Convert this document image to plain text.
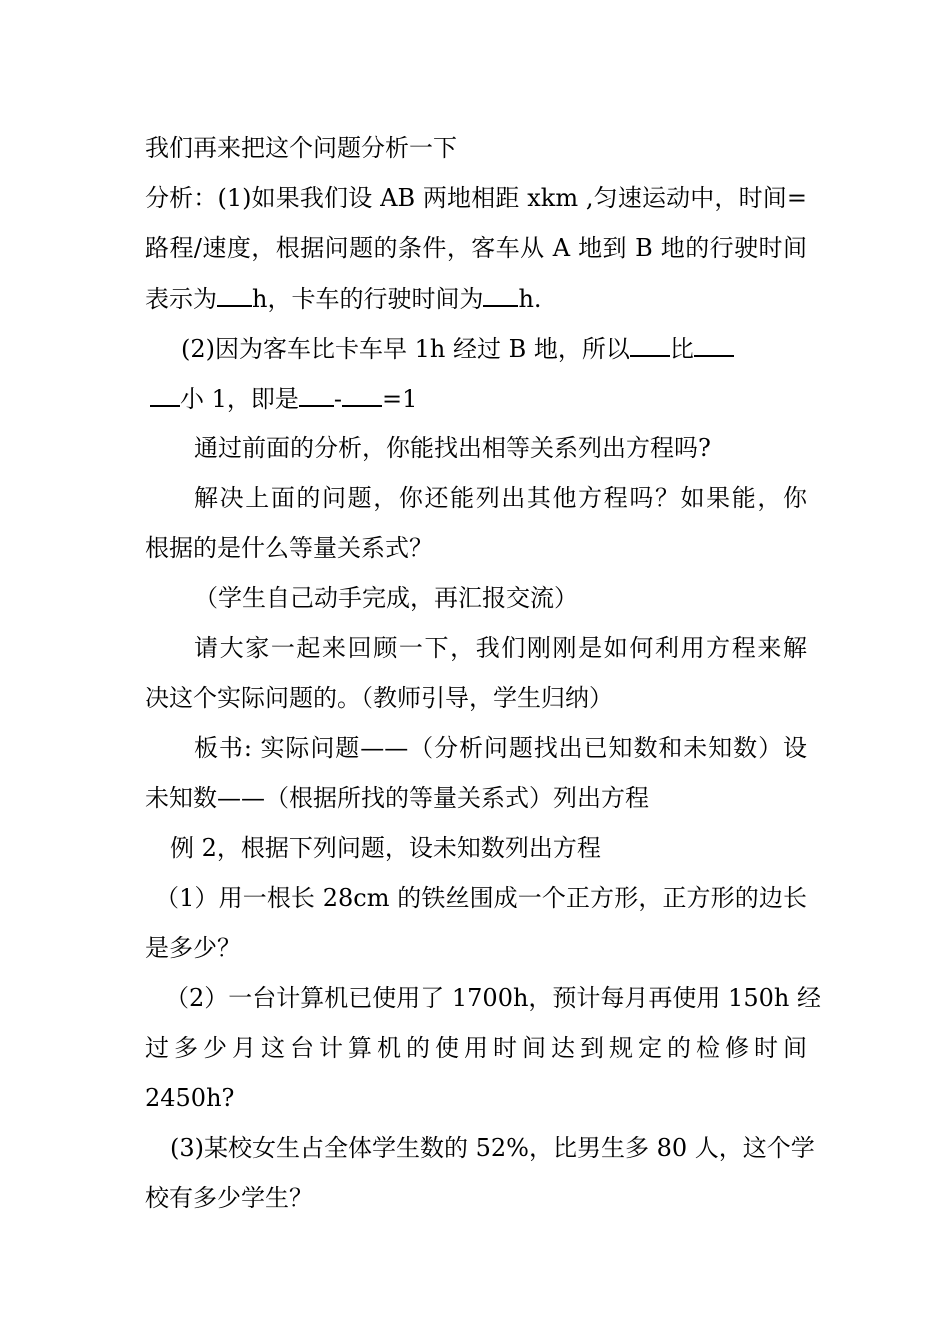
我们再来把这个问题分析一下
分析：(1)如果我们设 AB 两地相距 xkm ,匀速运动中，时间=
路程/速度，根据问题的条件，客车从 A 地到 B 地的行驶时间
表示为 h，卡车的行驶时间为 h.
(2)因为客车比卡车早 1h 经过 B 地，所以 比
小 1，即是 - =1
通过前面的分析，你能找出相等关系列出方程吗?
解决上面的问题，你还能列出其他方程吗？如果能，你
根据的是什么等量关系式？
（学生自己动手完成，再汇报交流）
请大家一起来回顾一下，我们刚刚是如何利用方程来解
决这个实际问题的。（教师引导，学生归纳）
板书: 实际问题——（分析问题找出已知数和未知数）设
未知数——（根据所找的等量关系式）列出方程
例 2，根据下列问题，设未知数列出方程
（1）用一根长 28cm 的铁丝围成一个正方形，正方形的边长
是多少？
（2）一台计算机已使用了 1700h，预计每月再使用 150h 经
过多少月这台计算机的使用时间达到规定的检修时间
2450h?
(3)某校女生占全体学生数的 52%，比男生多 80 人，这个学
校有多少学生？
